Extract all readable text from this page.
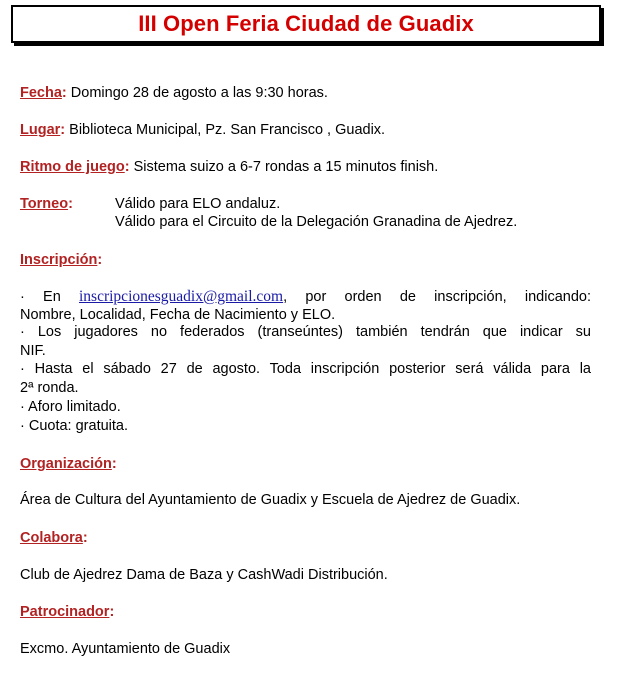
III Open Feria Ciudad de Guadix
Fecha: Domingo 28 de agosto a las 9:30 horas.
Lugar: Biblioteca Municipal, Pz. San Francisco , Guadix.
Ritmo de juego: Sistema suizo a 6-7 rondas a 15 minutos finish.
Torneo:	Válido para ELO andaluz.
Válido para el Circuito de la Delegación Granadina de Ajedrez.
Inscripción:
· En inscripcionesguadix@gmail.com, por orden de inscripción, indicando:
Nombre, Localidad, Fecha de Nacimiento y ELO.
· Los jugadores no federados (transeúntes) también tendrán que indicar su
NIF.
· Hasta el sábado 27 de agosto. Toda inscripción posterior será válida para la
2ª ronda.
· Aforo limitado.
· Cuota: gratuita.
Organización:
Área de Cultura del Ayuntamiento de Guadix y Escuela de Ajedrez de Guadix.
Colabora:
Club de Ajedrez Dama de Baza y CashWadi Distribución.
Patrocinador:
Excmo. Ayuntamiento de Guadix
